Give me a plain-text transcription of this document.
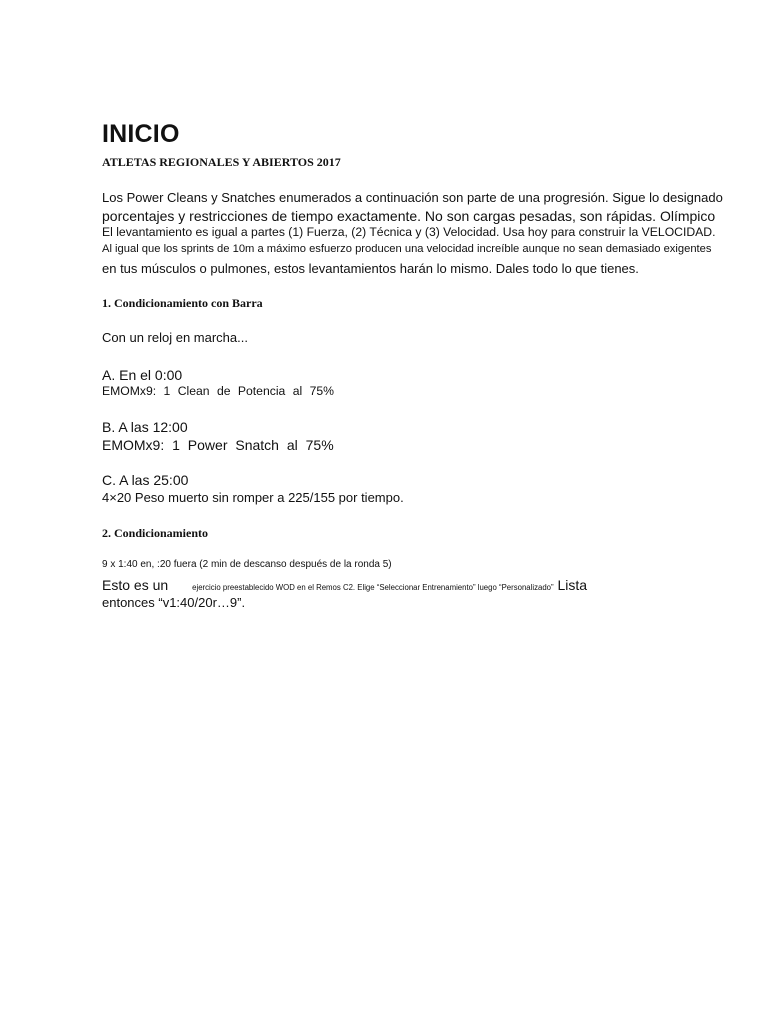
INICIO
ATLETAS REGIONALES Y ABIERTOS 2017
Los Power Cleans y Snatches enumerados a continuación son parte de una progresión. Sigue lo designado
porcentajes y restricciones de tiempo exactamente. No son cargas pesadas, son rápidas. Olímpico
El levantamiento es igual a partes (1) Fuerza, (2) Técnica y (3) Velocidad. Usa hoy para construir la VELOCIDAD.
Al igual que los sprints de 10m a máximo esfuerzo producen una velocidad increíble aunque no sean demasiado exigentes
en tus músculos o pulmones, estos levantamientos harán lo mismo. Dales todo lo que tienes.
1. Condicionamiento con Barra
Con un reloj en marcha...
A. En el 0:00
EMOMx9: 1 Clean de Potencia al 75%
B. A las 12:00
EMOMx9: 1 Power Snatch al 75%
C. A las 25:00
4×20 Peso muerto sin romper a 225/155 por tiempo.
2. Condicionamiento
9 x 1:40 en, :20 fuera (2 min de descanso después de la ronda 5)
Esto es un	ejercicio preestablecido WOD en el Remos C2. Elige “Seleccionar Entrenamiento” luego “Personalizado” Lista
entonces “v1:40/20r…9”.
